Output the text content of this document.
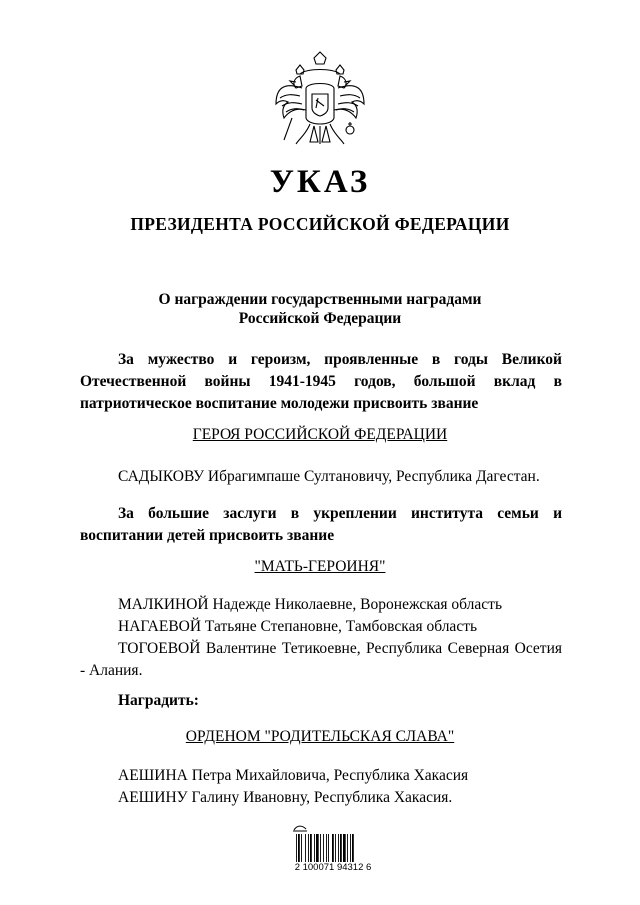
УКАЗ
ПРЕЗИДЕНТА РОССИЙСКОЙ ФЕДЕРАЦИИ
О награждении государственными наградами
Российской Федерации
За мужество и героизм, проявленные в годы Великой Отечественной войны 1941-1945 годов, большой вклад в патриотическое воспитание молодежи присвоить звание
ГЕРОЯ РОССИЙСКОЙ ФЕДЕРАЦИИ
САДЫКОВУ Ибрагимпаше Султановичу, Республика Дагестан.
За большие заслуги в укреплении института семьи и воспитании детей присвоить звание
"МАТЬ-ГЕРОИНЯ"
МАЛКИНОЙ Надежде Николаевне, Воронежская область
НАГАЕВОЙ Татьяне Степановне, Тамбовская область
ТОГОЕВОЙ Валентине Тетикоевне, Республика Северная Осетия - Алания.
Наградить:
ОРДЕНОМ "РОДИТЕЛЬСКАЯ СЛАВА"
АЕШИНА Петра Михайловича, Республика Хакасия
АЕШИНУ Галину Ивановну, Республика Хакасия.
2 100071 94312 6
